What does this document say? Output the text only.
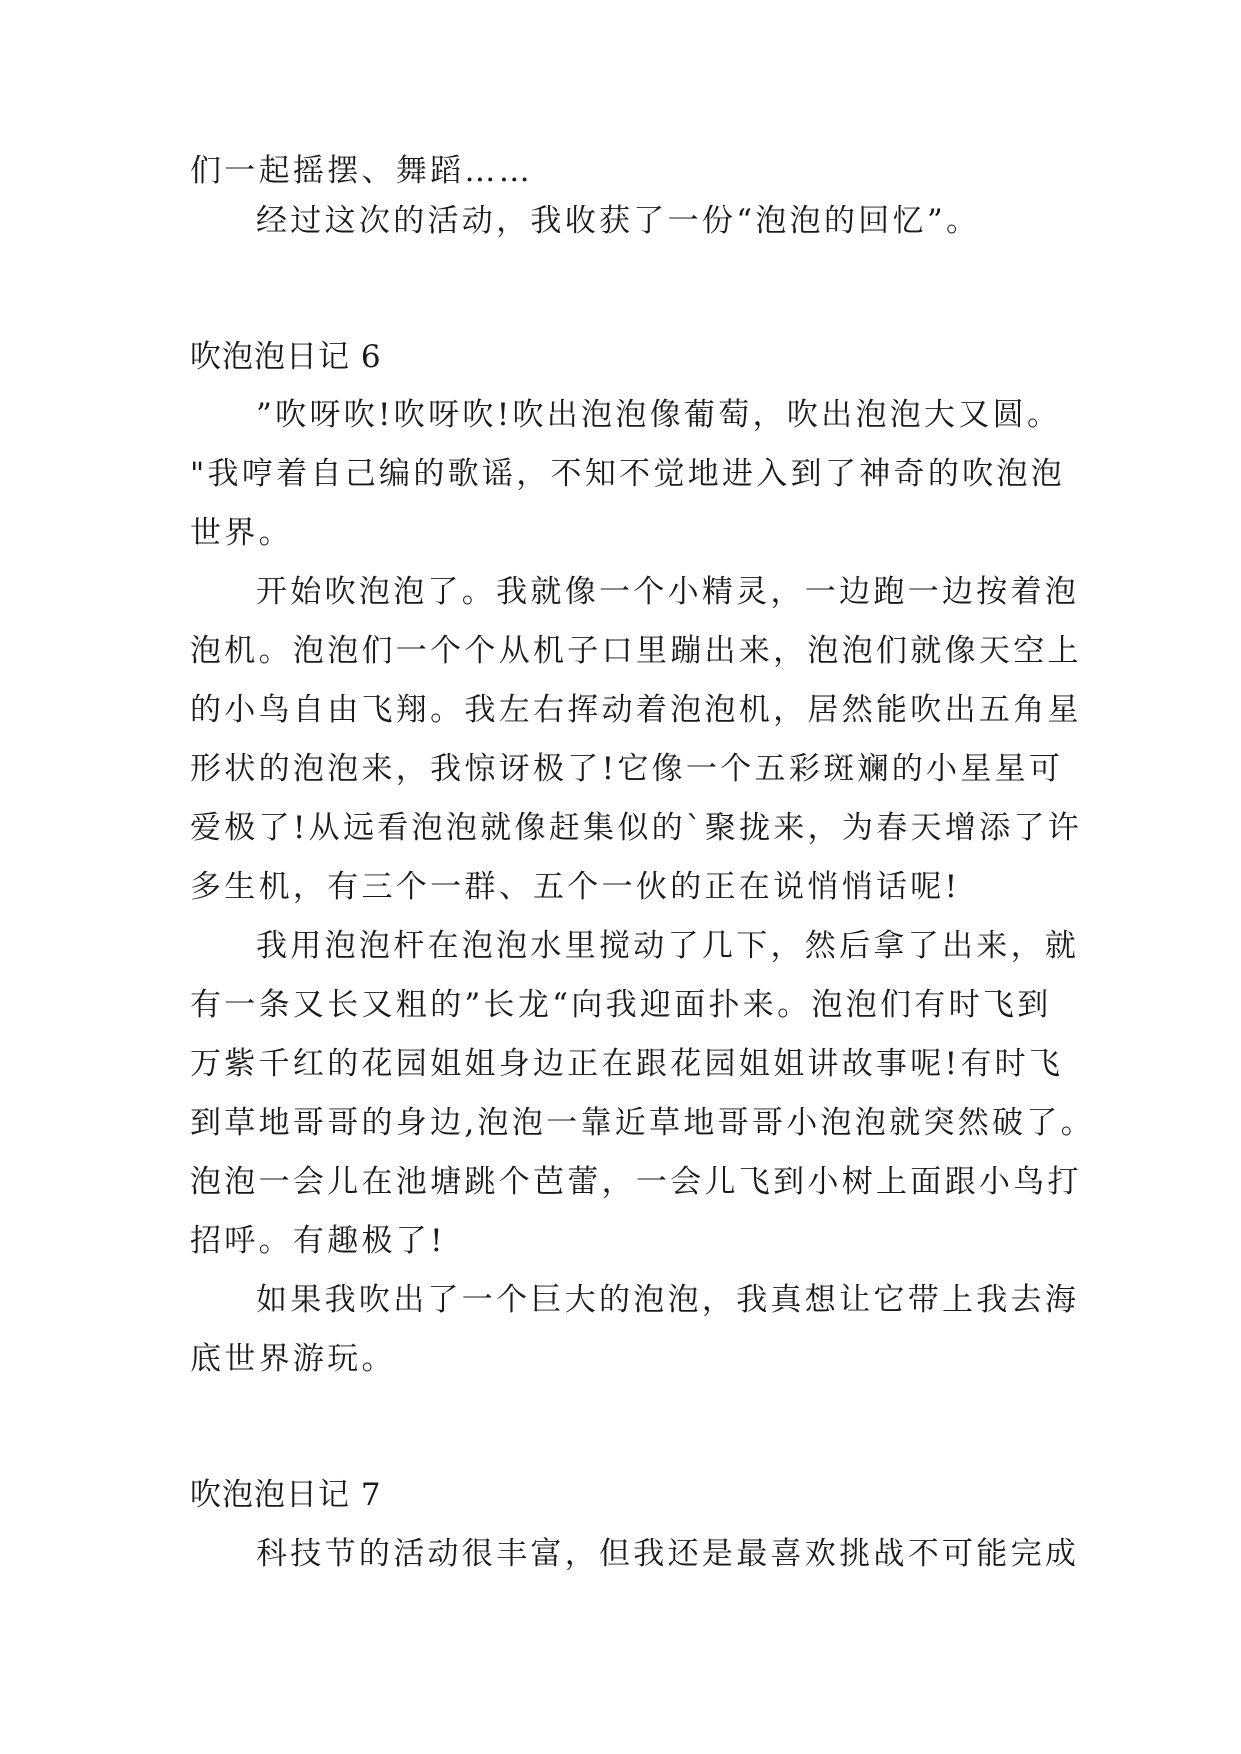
们一起摇摆、舞蹈……
经过这次的活动，我收获了一份“泡泡的回忆”。
吹泡泡日记 6
”吹呀吹!吹呀吹!吹出泡泡像葡萄，吹出泡泡大又圆。
"我哼着自己编的歌谣，不知不觉地进入到了神奇的吹泡泡
世界。
开始吹泡泡了。我就像一个小精灵，一边跑一边按着泡
泡机。泡泡们一个个从机子口里蹦出来，泡泡们就像天空上
的小鸟自由飞翔。我左右挥动着泡泡机，居然能吹出五角星
形状的泡泡来，我惊讶极了!它像一个五彩斑斓的小星星可
爱极了!从远看泡泡就像赶集似的`聚拢来，为春天增添了许
多生机，有三个一群、五个一伙的正在说悄悄话呢!
我用泡泡杆在泡泡水里搅动了几下，然后拿了出来，就
有一条又长又粗的”长龙“向我迎面扑来。泡泡们有时飞到
万紫千红的花园姐姐身边正在跟花园姐姐讲故事呢!有时飞
到草地哥哥的身边,泡泡一靠近草地哥哥小泡泡就突然破了。
泡泡一会儿在池塘跳个芭蕾，一会儿飞到小树上面跟小鸟打
招呼。有趣极了!
如果我吹出了一个巨大的泡泡，我真想让它带上我去海
底世界游玩。
吹泡泡日记 7
科技节的活动很丰富，但我还是最喜欢挑战不可能完成
